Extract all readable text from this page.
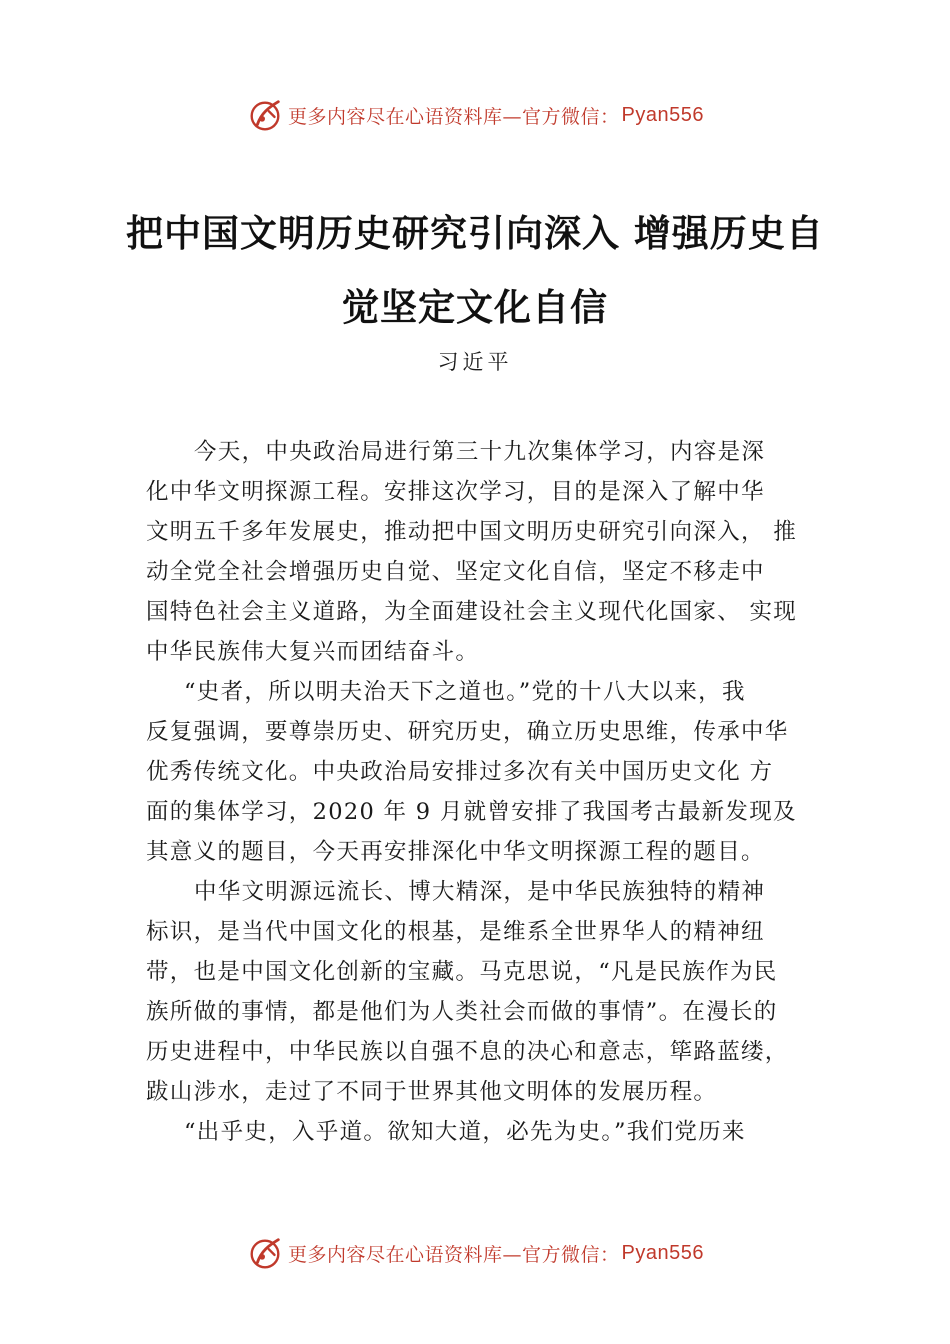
更多内容尽在心语资料库—官方微信： Pyan556
把中国文明历史研究引向深入 增强历史自
觉坚定文化自信
习近平
今天，中央政治局进行第三十九次集体学习，内容是深
化中华文明探源工程。安排这次学习，目的是深入了解中华
文明五千多年发展史，推动把中国文明历史研究引向深入， 推
动全党全社会增强历史自觉、坚定文化自信，坚定不移走中
国特色社会主义道路，为全面建设社会主义现代化国家、 实现
中华民族伟大复兴而团结奋斗。
“史者，所以明夫治天下之道也。”党的十八大以来，我
反复强调，要尊崇历史、研究历史，确立历史思维，传承中华
优秀传统文化。中央政治局安排过多次有关中国历史文化 方
面的集体学习，2020 年 9 月就曾安排了我国考古最新发现及
其意义的题目，今天再安排深化中华文明探源工程的题目。
中华文明源远流长、博大精深，是中华民族独特的精神
标识，是当代中国文化的根基，是维系全世界华人的精神纽
带，也是中国文化创新的宝藏。马克思说，“凡是民族作为民
族所做的事情，都是他们为人类社会而做的事情”。在漫长的
历史进程中，中华民族以自强不息的决心和意志，筚路蓝缕，
跋山涉水，走过了不同于世界其他文明体的发展历程。
“出乎史，入乎道。欲知大道，必先为史。”我们党历来
更多内容尽在心语资料库—官方微信： Pyan556
